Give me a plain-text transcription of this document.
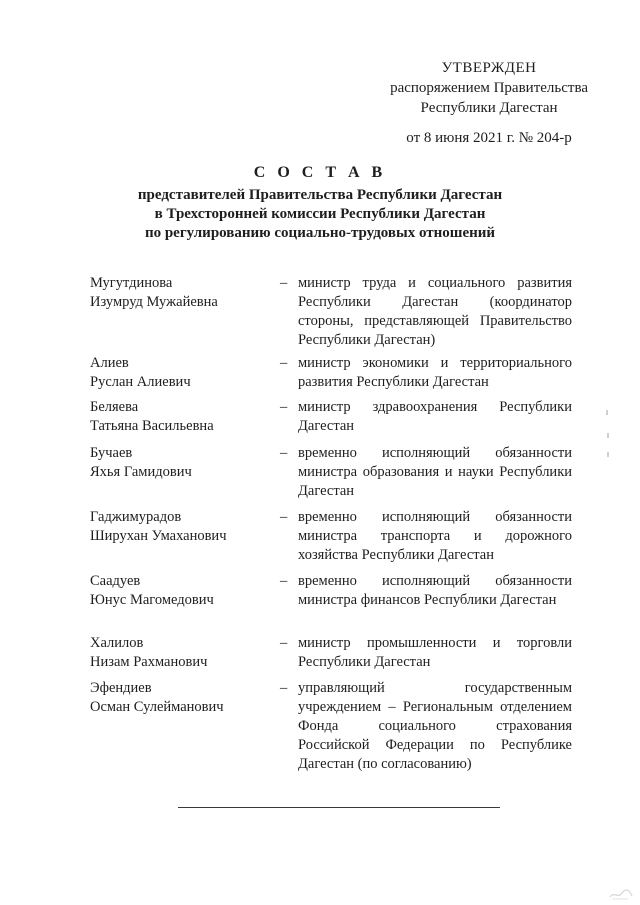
УТВЕРЖДЕН
распоряжением Правительства
Республики Дагестан
от 8 июня 2021 г. № 204-р
С О С Т А В
представителей Правительства Республики Дагестан
в Трехсторонней комиссии Республики Дагестан
по регулированию социально-трудовых отношений
Мугутдинова
Изумруд Мужайевна
– министр труда и социального развития Республики Дагестан (координатор стороны, представляющей Правительство Республики Дагестан)
Алиев
Руслан Алиевич
– министр экономики и территориального развития Республики Дагестан
Беляева
Татьяна Васильевна
– министр здравоохранения Республики Дагестан
Бучаев
Яхья Гамидович
– временно исполняющий обязанности министра образования и науки Республики Дагестан
Гаджимурадов
Ширухан Умаханович
– временно исполняющий обязанности министра транспорта и дорожного хозяйства Республики Дагестан
Саадуев
Юнус Магомедович
– временно исполняющий обязанности министра финансов Республики Дагестан
Халилов
Низам Рахманович
– министр промышленности и торговли Республики Дагестан
Эфендиев
Осман Сулейманович
– управляющий государственным учреждением – Региональным отделением Фонда социального страхования Российской Федерации по Республике Дагестан (по согласованию)
